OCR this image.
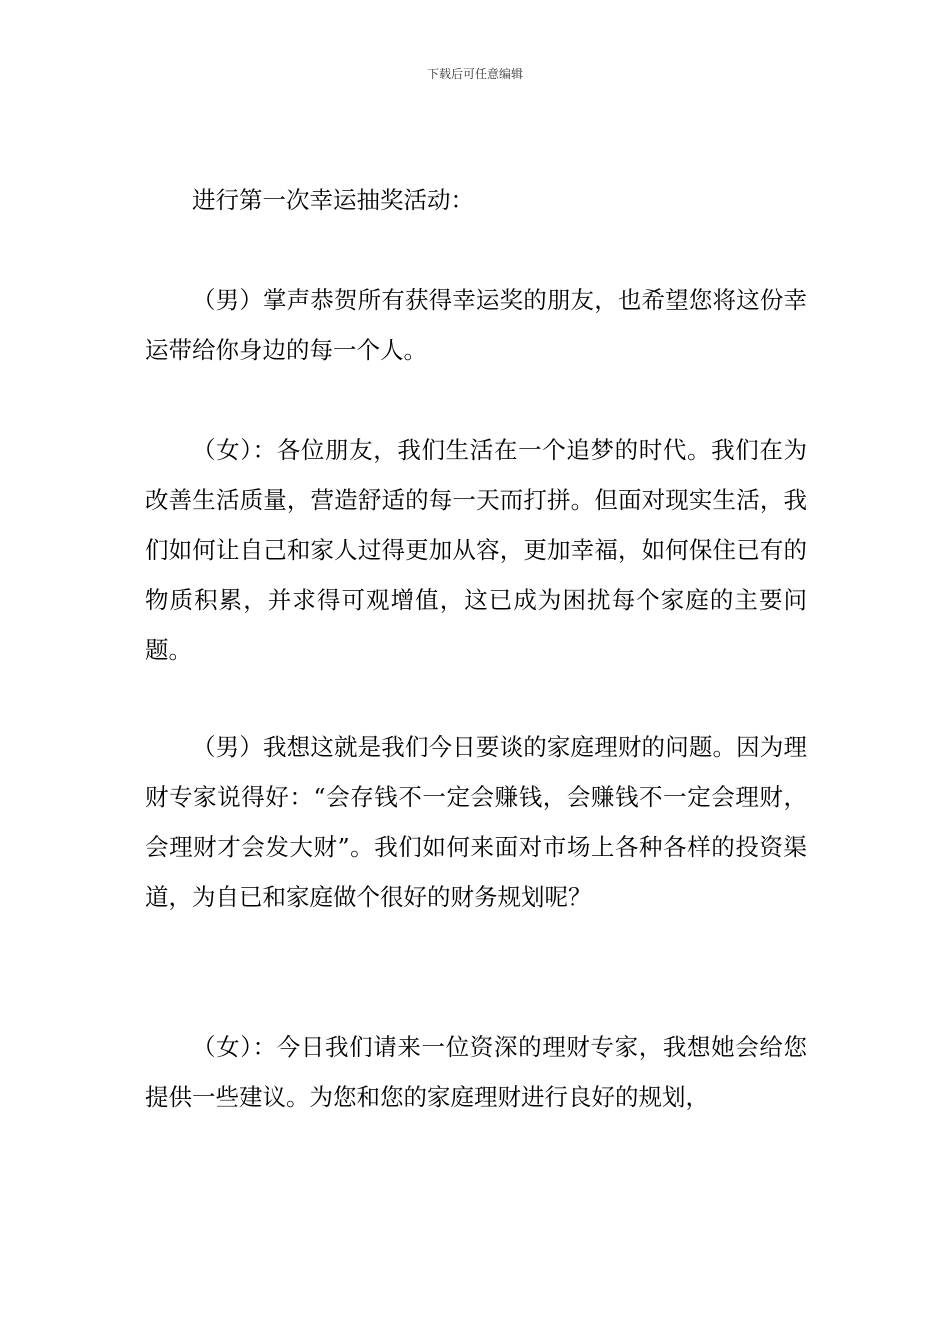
下载后可任意编辑

进行第一次幸运抽奖活动：

（男）掌声恭贺所有获得幸运奖的朋友，也希望您将这份幸运带给你身边的每一个人。

（女）：各位朋友，我们生活在一个追梦的时代。我们在为改善生活质量，营造舒适的每一天而打拼。但面对现实生活，我们如何让自己和家人过得更加从容，更加幸福，如何保住已有的物质积累，并求得可观增值，这已成为困扰每个家庭的主要问题。

（男）我想这就是我们今日要谈的家庭理财的问题。因为理财专家说得好：“会存钱不一定会赚钱，会赚钱不一定会理财，会理财才会发大财”。我们如何来面对市场上各种各样的投资渠道，为自已和家庭做个很好的财务规划呢？

（女）：今日我们请来一位资深的理财专家，我想她会给您提供一些建议。为您和您的家庭理财进行良好的规划，
